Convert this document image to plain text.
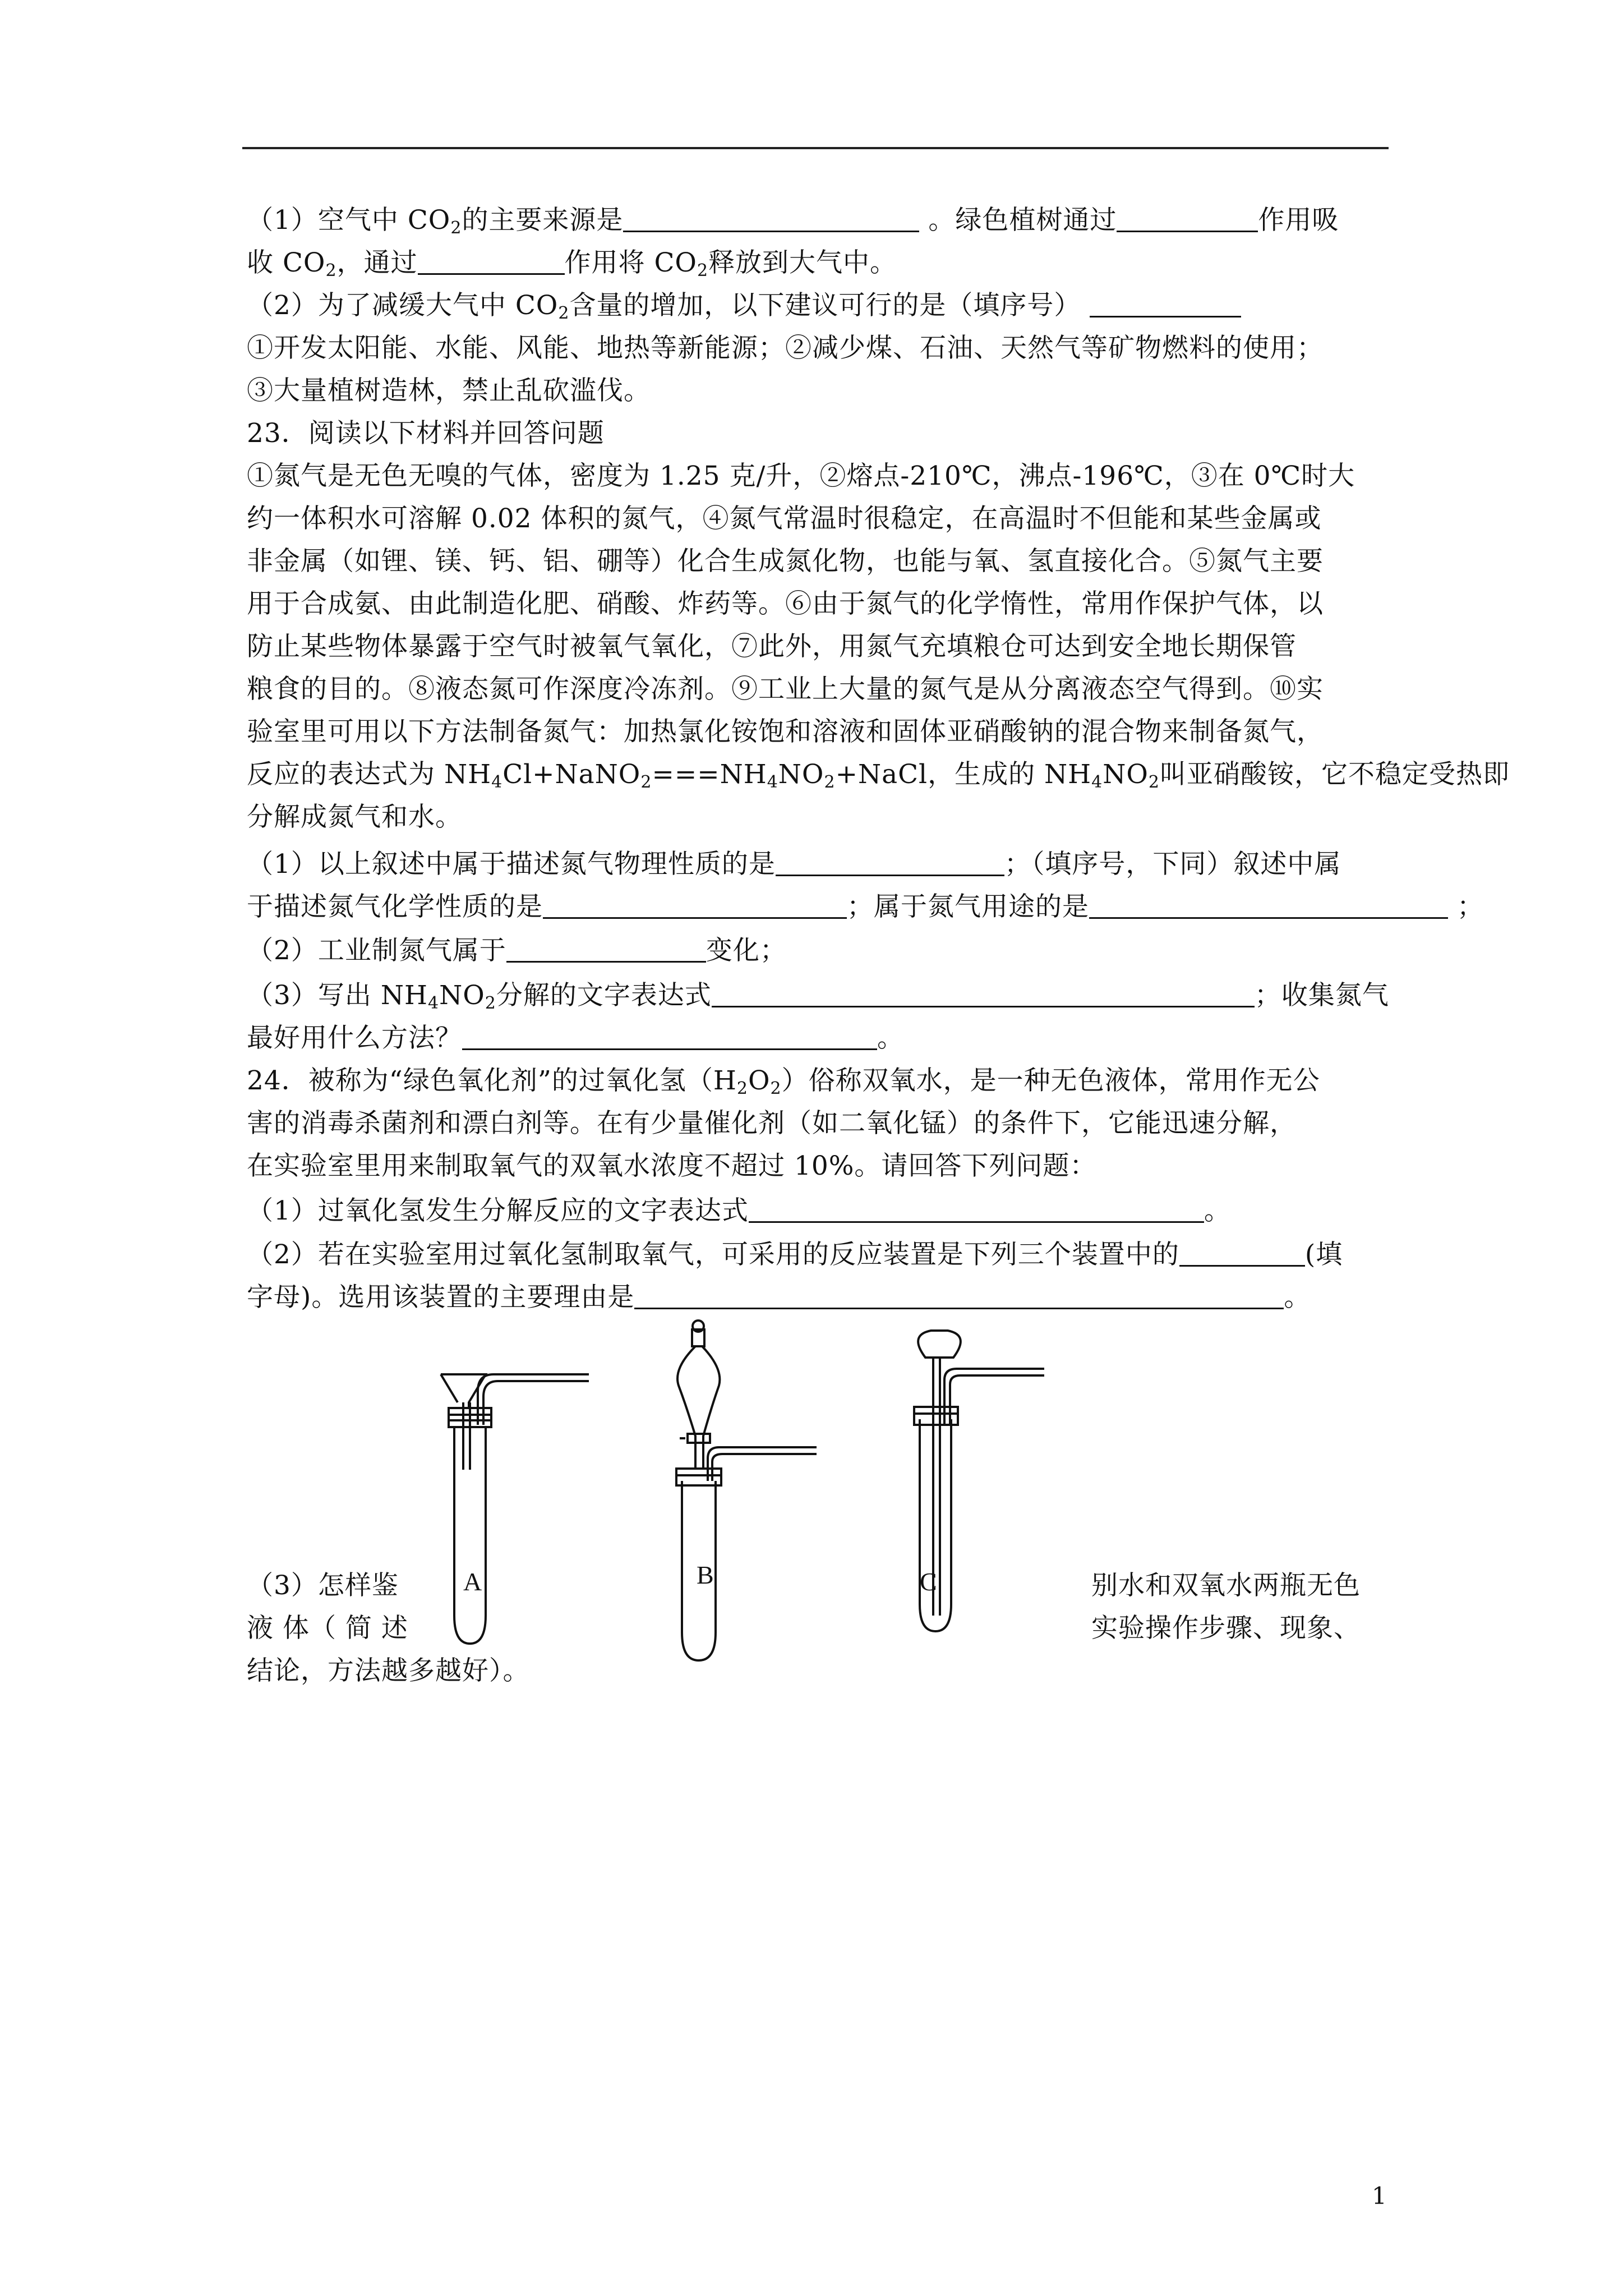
（1）空气中 $CO_2$的主要来源是	。绿色植树通过	作用吸
收 $CO_2$，通过	作用将 $CO_2$释放到大气中。
（2）为了减缓大气中 $CO_2$含量的增加，以下建议可行的是（填序号）
①开发太阳能、水能、风能、地热等新能源；②减少煤、石油、天然气等矿物燃料的使用；
③大量植树造林，禁止乱砍滥伐。
23．阅读以下材料并回答问题
①氮气是无色无嗅的气体，密度为 1.25 克/升，②熔点-210℃，沸点-196℃，③在 0℃时大
约一体积水可溶解 0.02 体积的氮气，④氮气常温时很稳定，在高温时不但能和某些金属或
非金属（如锂、镁、钙、铝、硼等）化合生成氮化物，也能与氧、氢直接化合。⑤氮气主要
用于合成氨、由此制造化肥、硝酸、炸药等。⑥由于氮气的化学惰性，常用作保护气体，以
防止某些物体暴露于空气时被氧气氧化，⑦此外，用氮气充填粮仓可达到安全地长期保管
粮食的目的。⑧液态氮可作深度冷冻剂。⑨工业上大量的氮气是从分离液态空气得到。⑩实
验室里可用以下方法制备氮气：加热氯化铵饱和溶液和固体亚硝酸钠的混合物来制备氮气，
反应的表达式为 $NH_4Cl+NaNO_2===NH_4NO_2+NaCl$，生成的 $NH_4NO_2$叫亚硝酸铵，它不稳定受热即
分解成氮气和水。
（1）以上叙述中属于描述氮气物理性质的是	；（填序号，下同）叙述中属
于描述氮气化学性质的是	；属于氮气用途的是	；
（2）工业制氮气属于	变化；
（3）写出 $NH_4NO_2$分解的文字表达式	；收集氮气
最好用什么方法？	。
24．被称为“绿色氧化剂”的过氧化氢$(H_2O_2)$俗称双氧水，是一种无色液体，常用作无公
害的消毒杀菌剂和漂白剂等。在有少量催化剂（如二氧化锰）的条件下，它能迅速分解，
在实验室里用来制取氧气的双氧水浓度不超过 10%。请回答下列问题：
（1）过氧化氢发生分解反应的文字表达式	。
（2）若在实验室用过氧化氢制取氧气，可采用的反应装置是下列三个装置中的	(填
字母)。选用该装置的主要理由是	。
A	B	C
（3）怎样鉴	别水和双氧水两瓶无色
液 体（ 简 述	实验操作步骤、现象、
结论，方法越多越好）。
1
